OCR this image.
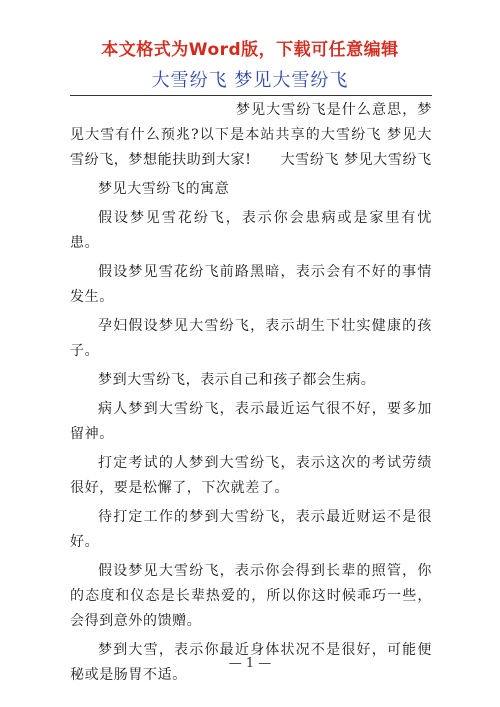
本文格式为Word版，下载可任意编辑
大雪纷飞 梦见大雪纷飞

梦见大雪纷飞是什么意思，梦见大雪有什么预兆?以下是本站共享的大雪纷飞 梦见大雪纷飞，梦想能扶助到大家!　　大雪纷飞 梦见大雪纷飞

梦见大雪纷飞的寓意

假设梦见雪花纷飞，表示你会患病或是家里有忧患。

假设梦见雪花纷飞前路黑暗，表示会有不好的事情发生。

孕妇假设梦见大雪纷飞，表示胡生下壮实健康的孩子。

梦到大雪纷飞，表示自己和孩子都会生病。

病人梦到大雪纷飞，表示最近运气很不好，要多加留神。

打定考试的人梦到大雪纷飞，表示这次的考试劳绩很好，要是松懈了，下次就差了。

待打定工作的梦到大雪纷飞，表示最近财运不是很好。

假设梦见大雪纷飞，表示你会得到长辈的照管，你的态度和仪态是长辈热爱的，所以你这时候乖巧一些，会得到意外的馈赠。

梦到大雪，表示你最近身体状况不是很好，可能便秘或是肠胃不适。

— 1 —
